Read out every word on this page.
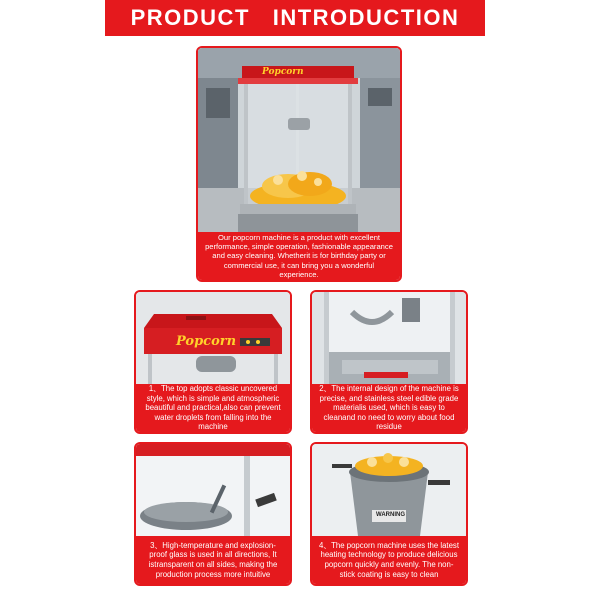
PRODUCT   INTRODUCTION
Popcorn
Our popcorn machine is a product with excellent performance, simple operation, fashionable appearance and easy cleaning. Whetherit is for birthday party or commercial use, it can bring you a wonderful experience.
Popcorn
1、The top adopts classic uncovered style, which is simple and atmospheric beautiful and practical,also can prevent water droplets from falling into the machine
2、The internal design of the machine is precise, and stainless steel edible grade materialis used, which is easy to cleanand no need to worry about food residue
3、High-temperature and explosion-proof glass is used in all directions, It istransparent on all sides, making the production process more intuitive
WARNING
4、The popcorn machine uses the latest heating technology to produce delicious popcorn quickly and evenly. The non-stick coating is easy to clean
